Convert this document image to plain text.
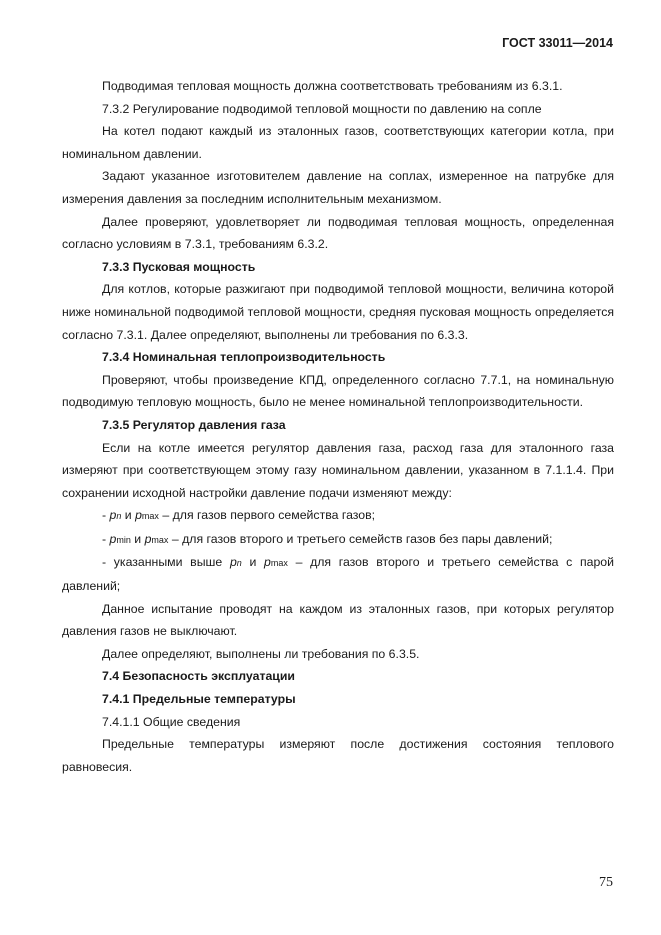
ГОСТ 33011—2014

Подводимая тепловая мощность должна соответствовать требованиям из 6.3.1.

7.3.2 Регулирование подводимой тепловой мощности по давлению на сопле

На котел подают каждый из эталонных газов, соответствующих категории котла, при номинальном давлении.

Задают указанное изготовителем давление на соплах, измеренное на патрубке для измерения давления за последним исполнительным механизмом.

Далее проверяют, удовлетворяет ли подводимая тепловая мощность, определенная согласно условиям в 7.3.1, требованиям 6.3.2.

7.3.3 Пусковая мощность

Для котлов, которые разжигают при подводимой тепловой мощности, величина которой ниже номинальной подводимой тепловой мощности, средняя пусковая мощность определяется согласно 7.3.1. Далее определяют, выполнены ли требования по 6.3.3.

7.3.4 Номинальная теплопроизводительность

Проверяют, чтобы произведение КПД, определенного согласно 7.7.1, на номинальную подводимую тепловую мощность, было не менее номинальной теплопроизводительности.

7.3.5 Регулятор давления газа

Если на котле имеется регулятор давления газа, расход газа для эталонного газа измеряют при соответствующем этому газу номинальном давлении, указанном в 7.1.1.4. При сохранении исходной настройки давление подачи изменяют между:

- pn и pmax – для газов первого семейства газов;

- pmin и pmax – для газов второго и третьего семейств газов без пары давлений;

- указанными выше pn и pmax – для газов второго и третьего семейства с парой давлений;

Данное испытание проводят на каждом из эталонных газов, при которых регулятор давления газов не выключают.

Далее определяют, выполнены ли требования по 6.3.5.

7.4 Безопасность эксплуатации

7.4.1 Предельные температуры

7.4.1.1 Общие сведения

Предельные температуры измеряют после достижения состояния теплового равновесия.

75
